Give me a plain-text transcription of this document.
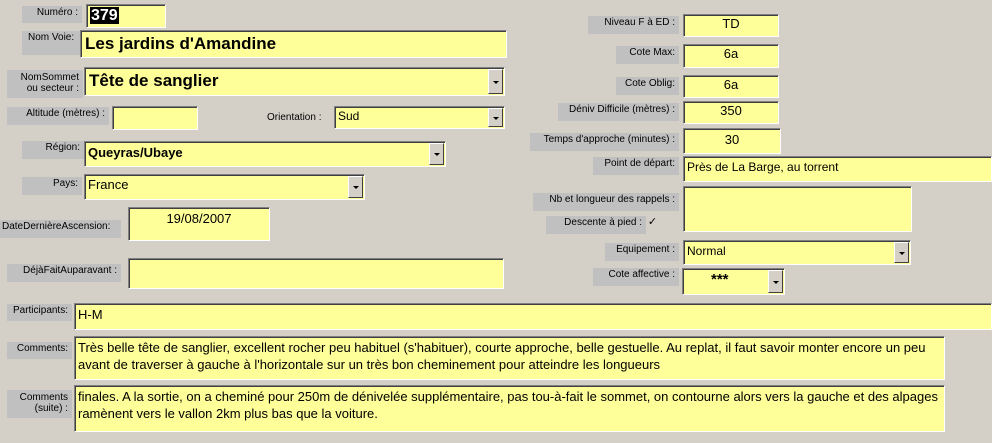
Numéro : 379
Nom Voie: Les jardins d'Amandine
NomSommet ou secteur : Tête de sanglier
Altitude (mètres) :	Orientation :	Sud
Région: Queyras/Ubaye
Pays: France
DateDernièreAscension:
19/08/2007
DéjàFaitAuparavant :
Participants: H-M
Comments: Très belle tête de sanglier, excellent rocher peu habituel (s'habituer), courte approche, belle gestuelle. Au replat, il faut savoir monter encore un peu avant de traverser à gauche à l'horizontale sur un très bon cheminement pour atteindre les longueurs
Comments (suite) :
finales. A la sortie, on a cheminé pour 250m de dénivelée supplémentaire, pas tou-à-fait le sommet, on contourne alors vers la gauche et des alpages ramènent vers le vallon 2km plus bas que la voiture.
Niveau F à ED :	TD
Cote Max:	6a
Cote Oblig:	6a
Déniv Difficile (mètres) :	350
Temps d'approche (minutes) :	30
Point de départ:	Près de La Barge, au torrent
Nb et longueur des rappels :
Descente à pied : ✓
Equipement :	Normal
Cote affective :	***
